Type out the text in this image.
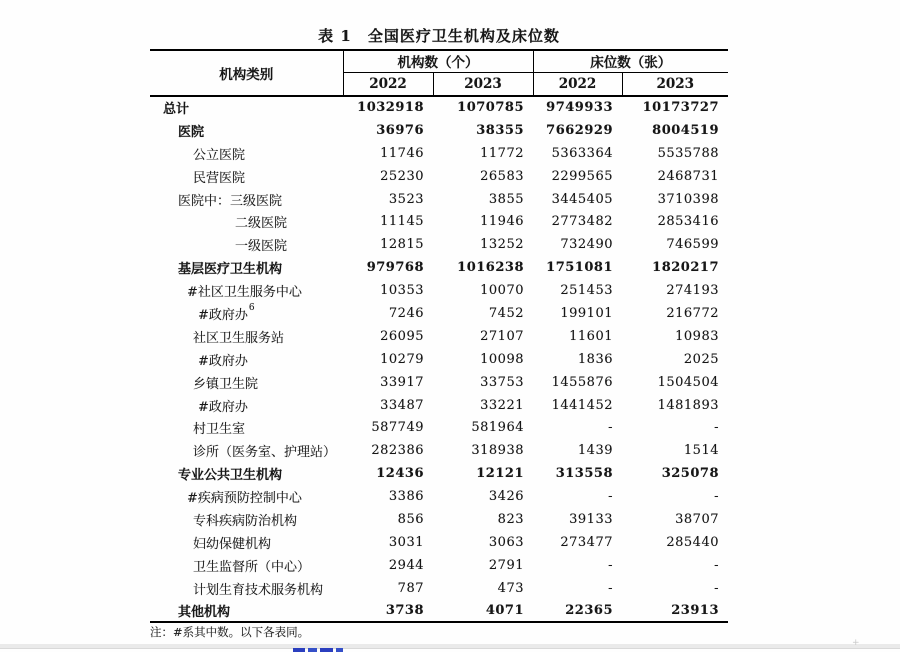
表 1　全国医疗卫生机构及床位数
机构类别	机构数（个）		床位数（张）	
	2022	2023	2022	2023
总计	1032918	1070785	9749933	10173727
医院	36976	38355	7662929	8004519
公立医院	11746	11772	5363364	5535788
民营医院	25230	26583	2299565	2468731
医院中：三级医院	3523	3855	3445405	3710398
二级医院	11145	11946	2773482	2853416
一级医院	12815	13252	732490	746599
基层医疗卫生机构	979768	1016238	1751081	1820217
#社区卫生服务中心	10353	10070	251453	274193
#政府办$^6$	7246	7452	199101	216772
社区卫生服务站	26095	27107	11601	10983
#政府办	10279	10098	1836	2025
乡镇卫生院	33917	33753	1455876	1504504
#政府办	33487	33221	1441452	1481893
村卫生室	587749	581964	-	-
诊所（医务室、护理站）	282386	318938	1439	1514
专业公共卫生机构	12436	12121	313558	325078
#疾病预防控制中心	3386	3426	-	-
专科疾病防治机构	856	823	39133	38707
妇幼保健机构	3031	3063	273477	285440
卫生监督所（中心）	2944	2791	-	-
计划生育技术服务机构	787	473	-	-
其他机构	3738	4071	22365	23913
注：#系其中数。以下各表同。
+
